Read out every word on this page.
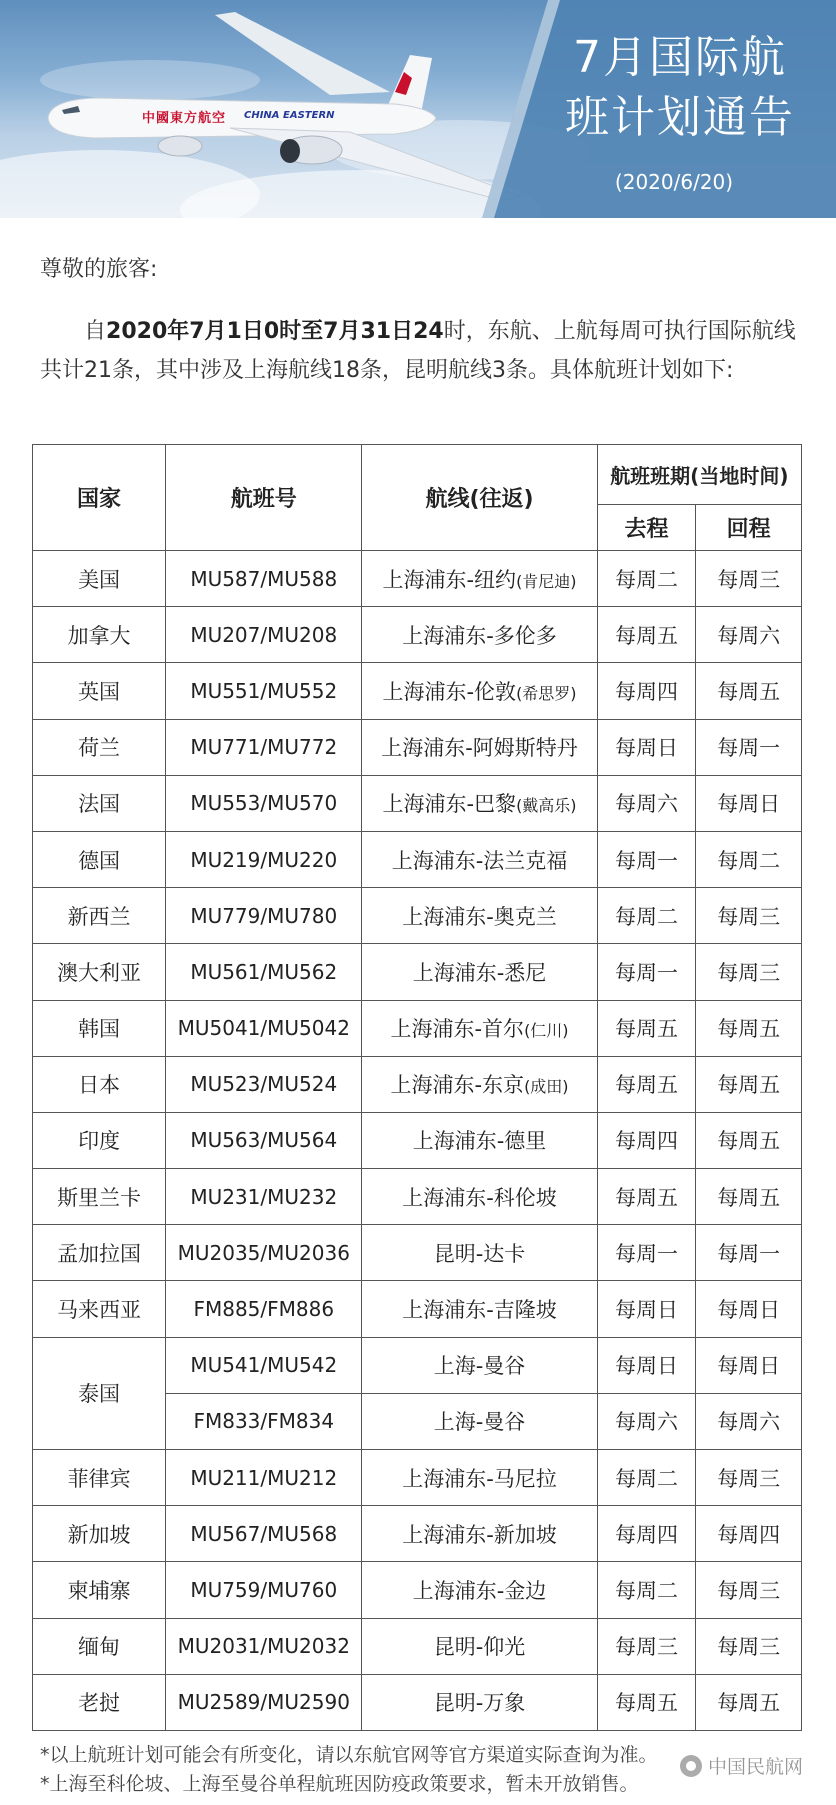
中國東方航空 CHINA EASTERN
7月国际航
班计划通告
(2020/6/20)
尊敬的旅客:
自2020年7月1日0时至7月31日24时，东航、上航每周可执行国际航线共计21条，其中涉及上海航线18条，昆明航线3条。具体航班计划如下:
国家	航班号	航线(往返)	航班班期(当地时间)	
			去程	回程
美国	MU587/MU588	上海浦东-纽约(肯尼迪)	每周二	每周三
加拿大	MU207/MU208	上海浦东-多伦多	每周五	每周六
英国	MU551/MU552	上海浦东-伦敦(希思罗)	每周四	每周五
荷兰	MU771/MU772	上海浦东-阿姆斯特丹	每周日	每周一
法国	MU553/MU570	上海浦东-巴黎(戴高乐)	每周六	每周日
德国	MU219/MU220	上海浦东-法兰克福	每周一	每周二
新西兰	MU779/MU780	上海浦东-奥克兰	每周二	每周三
澳大利亚	MU561/MU562	上海浦东-悉尼	每周一	每周三
韩国	MU5041/MU5042	上海浦东-首尔(仁川)	每周五	每周五
日本	MU523/MU524	上海浦东-东京(成田)	每周五	每周五
印度	MU563/MU564	上海浦东-德里	每周四	每周五
斯里兰卡	MU231/MU232	上海浦东-科伦坡	每周五	每周五
孟加拉国	MU2035/MU2036	昆明-达卡	每周一	每周一
马来西亚	FM885/FM886	上海浦东-吉隆坡	每周日	每周日
泰国	MU541/MU542	上海-曼谷	每周日	每周日
	FM833/FM834	上海-曼谷	每周六	每周六
菲律宾	MU211/MU212	上海浦东-马尼拉	每周二	每周三
新加坡	MU567/MU568	上海浦东-新加坡	每周四	每周四
柬埔寨	MU759/MU760	上海浦东-金边	每周二	每周三
缅甸	MU2031/MU2032	昆明-仰光	每周三	每周三
老挝	MU2589/MU2590	昆明-万象	每周五	每周五
*以上航班计划可能会有所变化，请以东航官网等官方渠道实际查询为准。
*上海至科伦坡、上海至曼谷单程航班因防疫政策要求，暂未开放销售。
中国民航网
